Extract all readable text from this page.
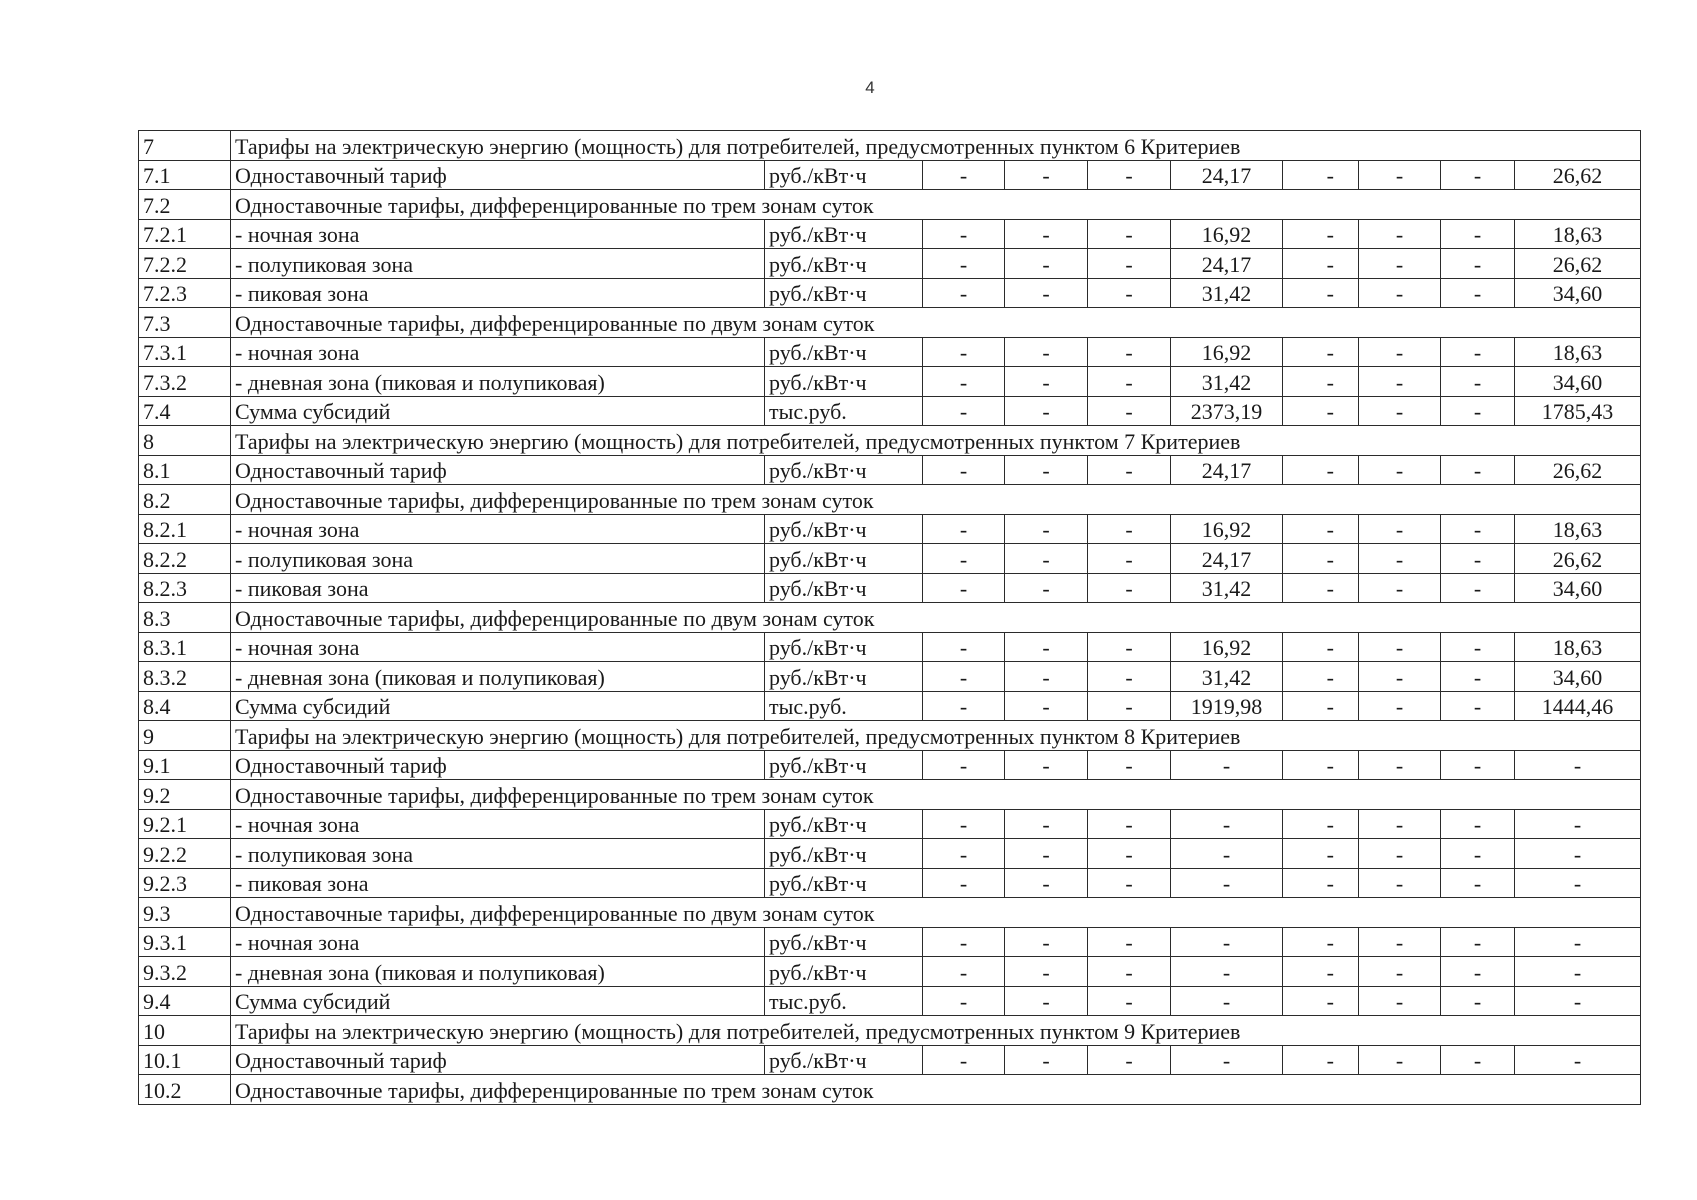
4
7	Тарифы на электрическую энергию (мощность) для потребителей, предусмотренных пунктом 6 Критериев									
7.1	Одноставочный тариф	руб./кВт·ч	-	-	-	24,17	-	-	-	26,62
7.2	Одноставочные тарифы, дифференцированные по трем зонам суток									
7.2.1	- ночная зона	руб./кВт·ч	-	-	-	16,92	-	-	-	18,63
7.2.2	- полупиковая зона	руб./кВт·ч	-	-	-	24,17	-	-	-	26,62
7.2.3	- пиковая зона	руб./кВт·ч	-	-	-	31,42	-	-	-	34,60
7.3	Одноставочные тарифы, дифференцированные по двум зонам суток									
7.3.1	- ночная зона	руб./кВт·ч	-	-	-	16,92	-	-	-	18,63
7.3.2	- дневная зона (пиковая и полупиковая)	руб./кВт·ч	-	-	-	31,42	-	-	-	34,60
7.4	Сумма субсидий	тыс.руб.	-	-	-	2373,19	-	-	-	1785,43
8	Тарифы на электрическую энергию (мощность) для потребителей, предусмотренных пунктом 7 Критериев									
8.1	Одноставочный тариф	руб./кВт·ч	-	-	-	24,17	-	-	-	26,62
8.2	Одноставочные тарифы, дифференцированные по трем зонам суток									
8.2.1	- ночная зона	руб./кВт·ч	-	-	-	16,92	-	-	-	18,63
8.2.2	- полупиковая зона	руб./кВт·ч	-	-	-	24,17	-	-	-	26,62
8.2.3	- пиковая зона	руб./кВт·ч	-	-	-	31,42	-	-	-	34,60
8.3	Одноставочные тарифы, дифференцированные по двум зонам суток									
8.3.1	- ночная зона	руб./кВт·ч	-	-	-	16,92	-	-	-	18,63
8.3.2	- дневная зона (пиковая и полупиковая)	руб./кВт·ч	-	-	-	31,42	-	-	-	34,60
8.4	Сумма субсидий	тыс.руб.	-	-	-	1919,98	-	-	-	1444,46
9	Тарифы на электрическую энергию (мощность) для потребителей, предусмотренных пунктом 8 Критериев									
9.1	Одноставочный тариф	руб./кВт·ч	-	-	-	-	-	-	-	-
9.2	Одноставочные тарифы, дифференцированные по трем зонам суток									
9.2.1	- ночная зона	руб./кВт·ч	-	-	-	-	-	-	-	-
9.2.2	- полупиковая зона	руб./кВт·ч	-	-	-	-	-	-	-	-
9.2.3	- пиковая зона	руб./кВт·ч	-	-	-	-	-	-	-	-
9.3	Одноставочные тарифы, дифференцированные по двум зонам суток									
9.3.1	- ночная зона	руб./кВт·ч	-	-	-	-	-	-	-	-
9.3.2	- дневная зона (пиковая и полупиковая)	руб./кВт·ч	-	-	-	-	-	-	-	-
9.4	Сумма субсидий	тыс.руб.	-	-	-	-	-	-	-	-
10	Тарифы на электрическую энергию (мощность) для потребителей, предусмотренных пунктом 9 Критериев									
10.1	Одноставочный тариф	руб./кВт·ч	-	-	-	-	-	-	-	-
10.2	Одноставочные тарифы, дифференцированные по трем зонам суток									
